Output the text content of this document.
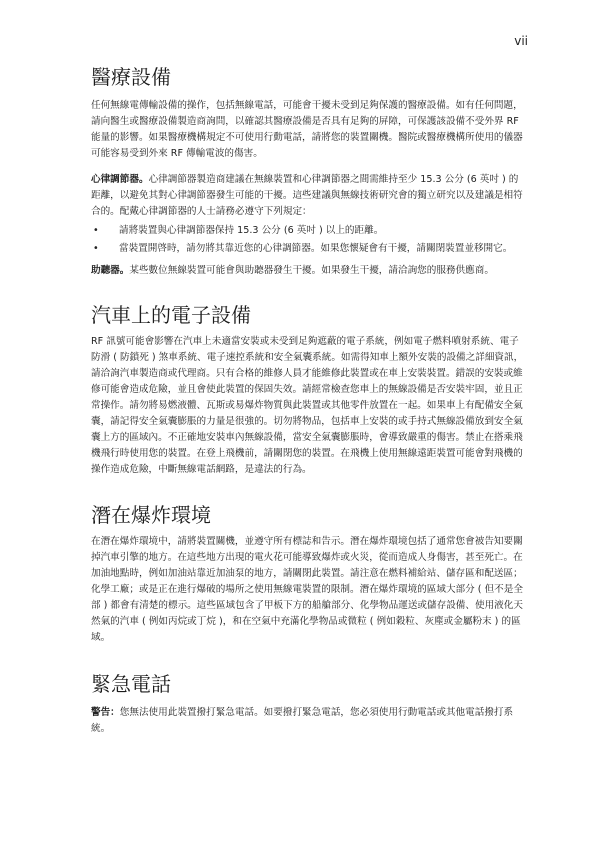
vii
醫療設備

任何無線電傳輸設備的操作，包括無線電話，可能會干擾未受到足夠保護的醫療設備。如有任何問題，請向醫生或醫療設備製造商詢問，以確認其醫療設備是否具有足夠的屏障，可保護該設備不受外界 RF 能量的影響。如果醫療機構規定不可使用行動電話，請將您的裝置關機。醫院或醫療機構所使用的儀器可能容易受到外來 RF 傳輸電波的傷害。

心律調節器。心律調節器製造商建議在無線裝置和心律調節器之間需維持至少 15.3 公分 (6 英吋 ) 的距離，以避免其對心律調節器發生可能的干擾。這些建議與無線技術研究會的獨立研究以及建議是相符合的。配戴心律調節器的人士請務必遵守下列規定：

• 請將裝置與心律調節器保持 15.3 公分 (6 英吋 ) 以上的距離。
• 當裝置開啓時，請勿將其靠近您的心律調節器。如果您懷疑會有干擾，請關閉裝置並移開它。

助聽器。某些數位無線裝置可能會與助聽器發生干擾。如果發生干擾，請洽詢您的服務供應商。

汽車上的電子設備

RF 訊號可能會影響在汽車上未適當安裝或未受到足夠遮蔽的電子系統，例如電子燃料噴射系統、電子防滑 ( 防鎖死 ) 煞車系統、電子速控系統和安全氣囊系統。如需得知車上額外安裝的設備之詳細資訊，請洽詢汽車製造商或代理商。只有合格的維修人員才能維修此裝置或在車上安裝裝置。錯誤的安裝或維修可能會造成危險，並且會使此裝置的保固失效。請經常檢查您車上的無線設備是否安裝牢固，並且正常操作。請勿將易燃液體、瓦斯或易爆炸物質與此裝置或其他零件放置在一起。如果車上有配備安全氣囊，請記得安全氣囊膨脹的力量是很強的。切勿將物品，包括車上安裝的或手持式無線設備放到安全氣囊上方的區域內。不正確地安裝車內無線設備，當安全氣囊膨脹時，會導致嚴重的傷害。禁止在搭乘飛機飛行時使用您的裝置。在登上飛機前，請關閉您的裝置。在飛機上使用無線遠距裝置可能會對飛機的操作造成危險，中斷無線電話網路，是違法的行為。

潛在爆炸環境

在潛在爆炸環境中，請將裝置關機，並遵守所有標誌和告示。潛在爆炸環境包括了通常您會被告知要關掉汽車引擎的地方。在這些地方出現的電火花可能導致爆炸或火災，從而造成人身傷害，甚至死亡。在加油地點時，例如加油站靠近加油泵的地方，請關閉此裝置。請注意在燃料補給站、儲存區和配送區；化學工廠；或是正在進行爆破的場所之使用無線電裝置的限制。潛在爆炸環境的區域大部分 ( 但不是全部 ) 都會有清楚的標示。這些區域包含了甲板下方的船艙部分、化學物品運送或儲存設備、使用液化天然氣的汽車 ( 例如丙烷或丁烷 )，和在空氣中充滿化學物品或微粒 ( 例如穀粒、灰塵或金屬粉末 ) 的區域。

緊急電話

警告：您無法使用此裝置撥打緊急電話。如要撥打緊急電話，您必須使用行動電話或其他電話撥打系統。
